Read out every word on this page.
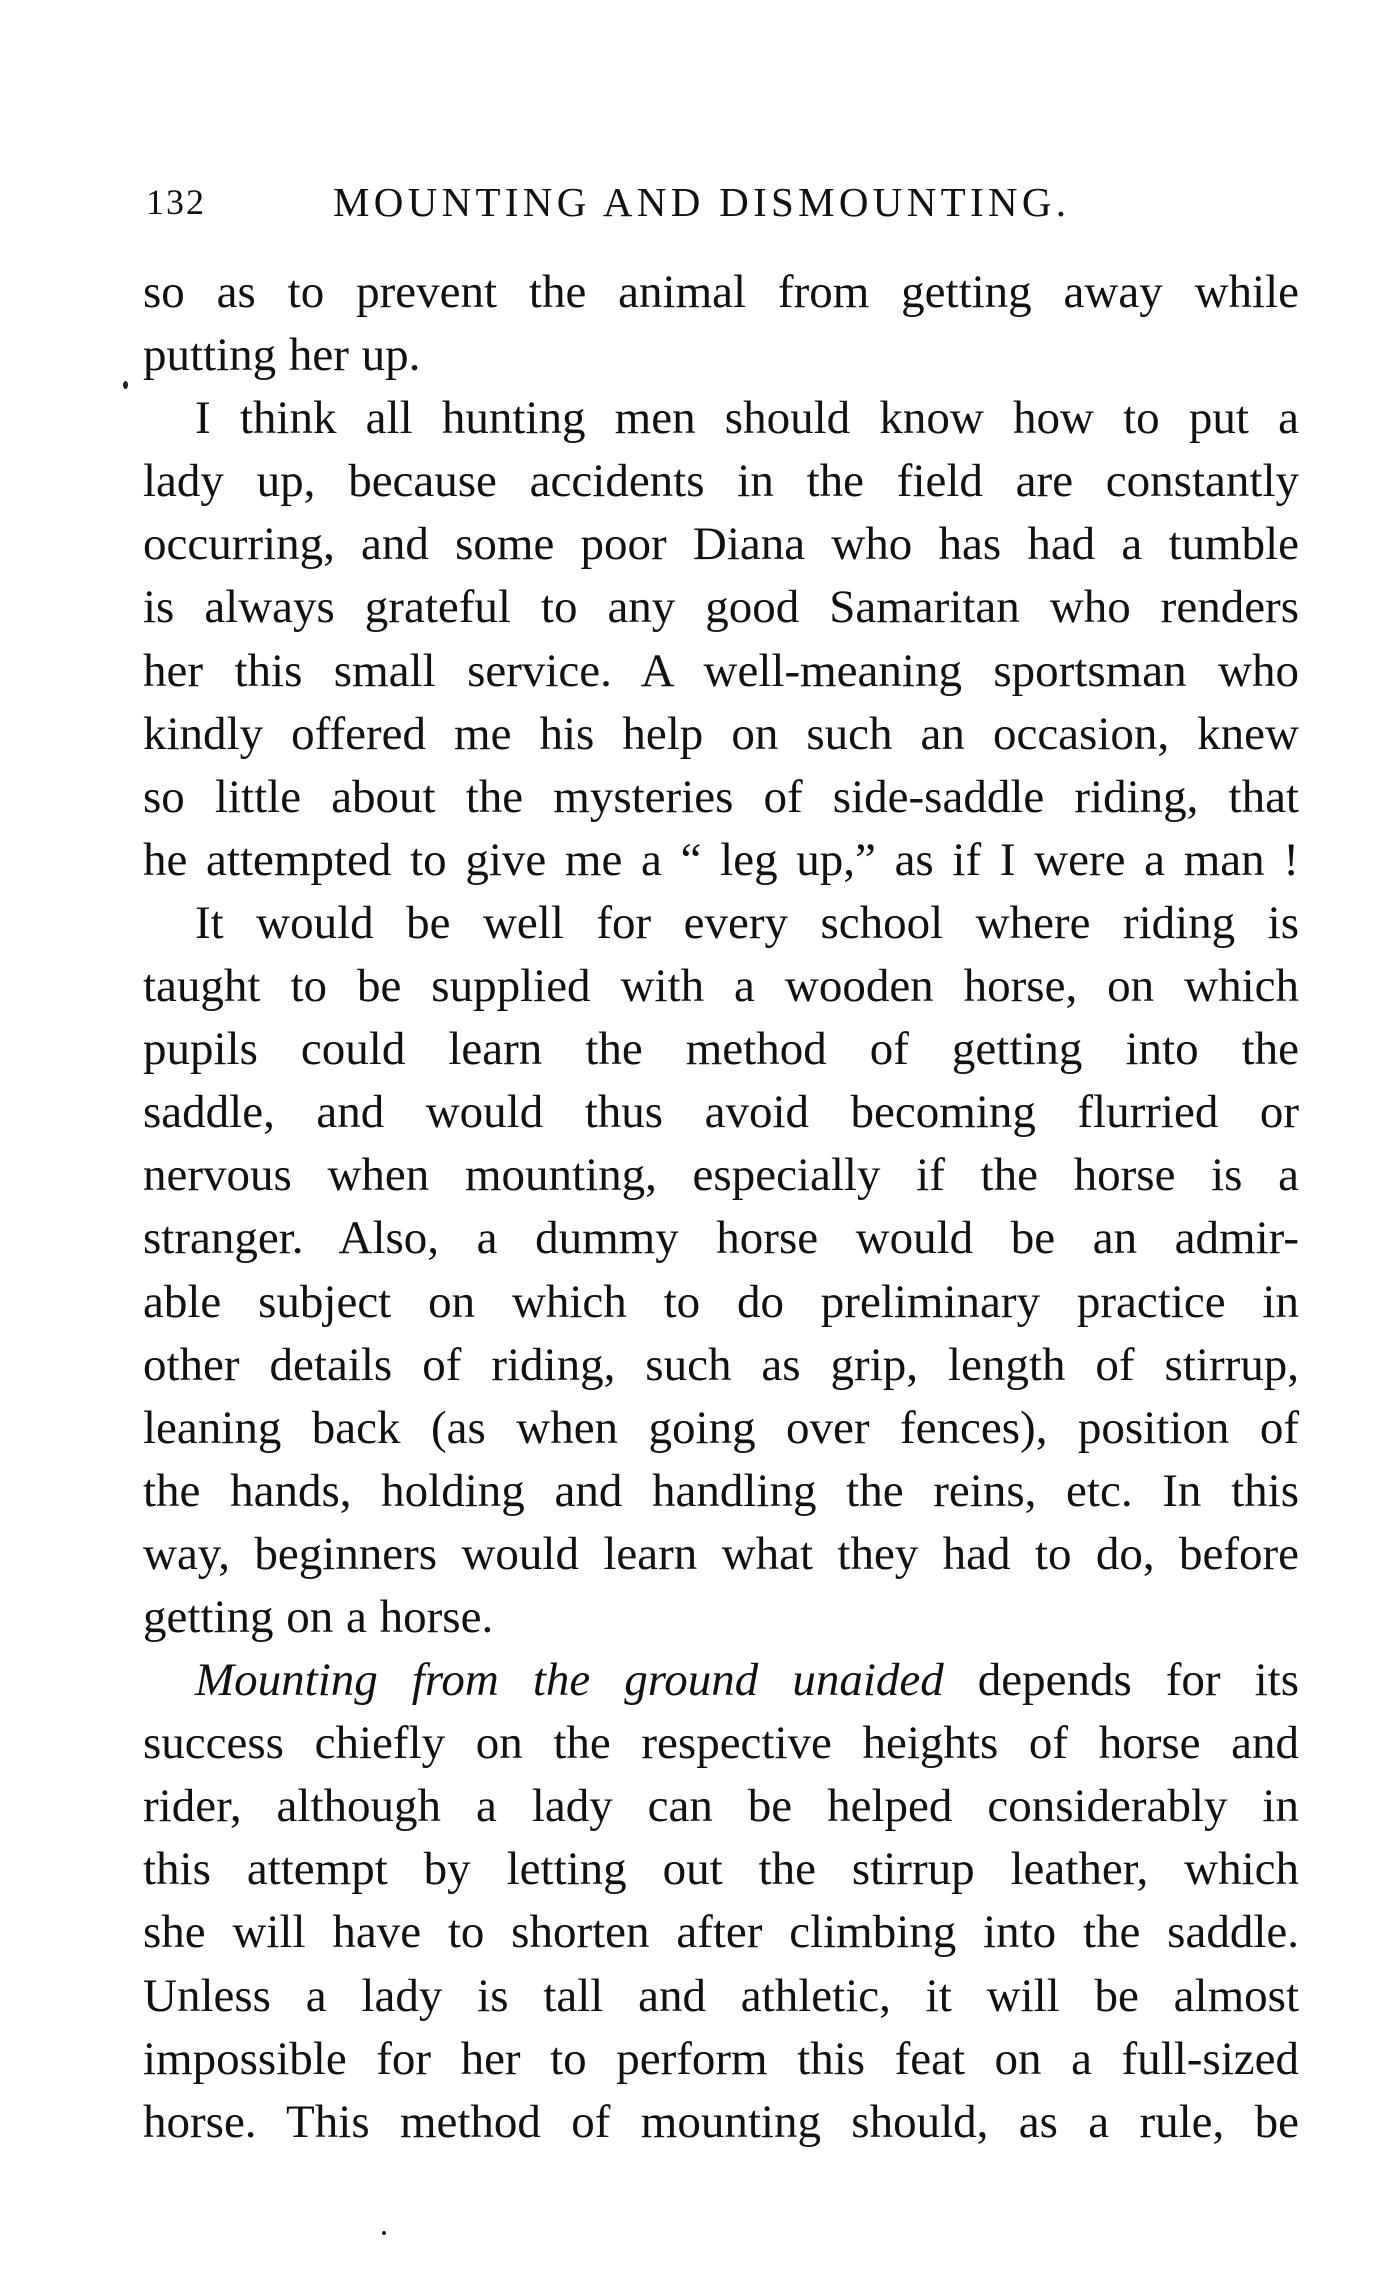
132	MOUNTING AND DISMOUNTING.
so as to prevent the animal from getting away while
putting her up.
I think all hunting men should know how to put a
lady up, because accidents in the field are constantly
occurring, and some poor Diana who has had a tumble
is always grateful to any good Samaritan who renders
her this small service. A well-meaning sportsman who
kindly offered me his help on such an occasion, knew
so little about the mysteries of side-saddle riding, that
he attempted to give me a “ leg up,” as if I were a man !
It would be well for every school where riding is
taught to be supplied with a wooden horse, on which
pupils could learn the method of getting into the
saddle, and would thus avoid becoming flurried or
nervous when mounting, especially if the horse is a
stranger. Also, a dummy horse would be an admir-
able subject on which to do preliminary practice in
other details of riding, such as grip, length of stirrup,
leaning back (as when going over fences), position of
the hands, holding and handling the reins, etc. In this
way, beginners would learn what they had to do, before
getting on a horse.
Mounting from the ground unaided depends for its
success chiefly on the respective heights of horse and
rider, although a lady can be helped considerably in
this attempt by letting out the stirrup leather, which
she will have to shorten after climbing into the saddle.
Unless a lady is tall and athletic, it will be almost
impossible for her to perform this feat on a full-sized
horse. This method of mounting should, as a rule, be
